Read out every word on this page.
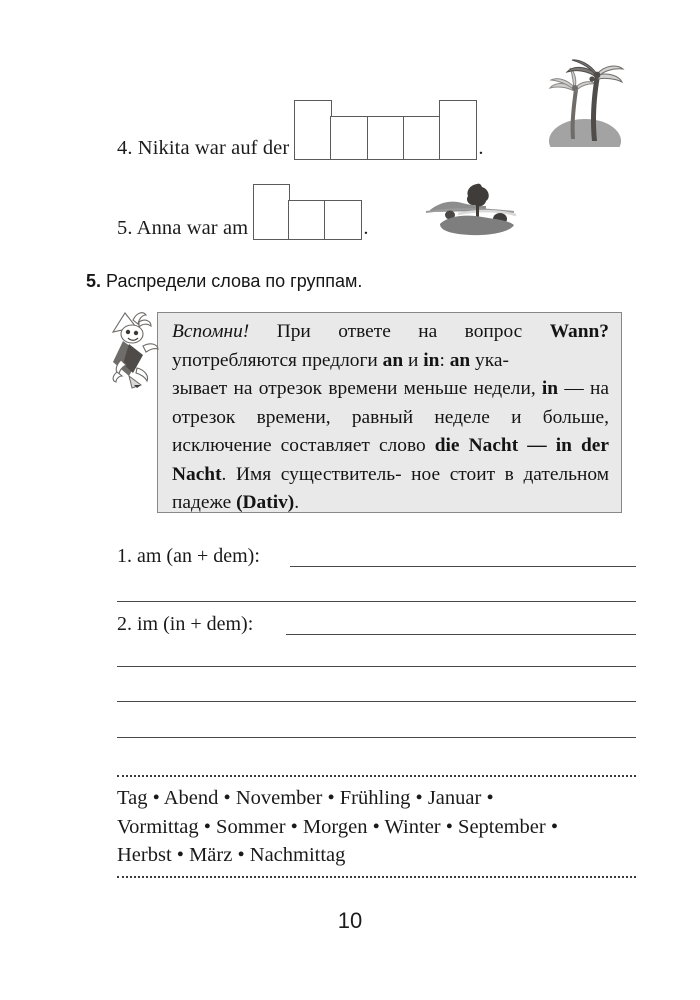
4. Nikita war auf der	.
5. Anna war am	.
5. Распредели слова по группам.
Вспомни! При ответе на вопрос Wann? употребляются предлоги an и in: an ука-
зывает на отрезок времени меньше недели, in — на отрезок времени, равный неделе и больше, исключение составляет слово die Nacht — in der Nacht. Имя существитель- ное стоит в дательном падеже (Dativ).
1. am (an + dem):
2. im (in + dem):
Tag • Abend • November • Frühling • Januar •
Vormittag • Sommer • Morgen • Winter • September •
Herbst • März • Nachmittag
10
